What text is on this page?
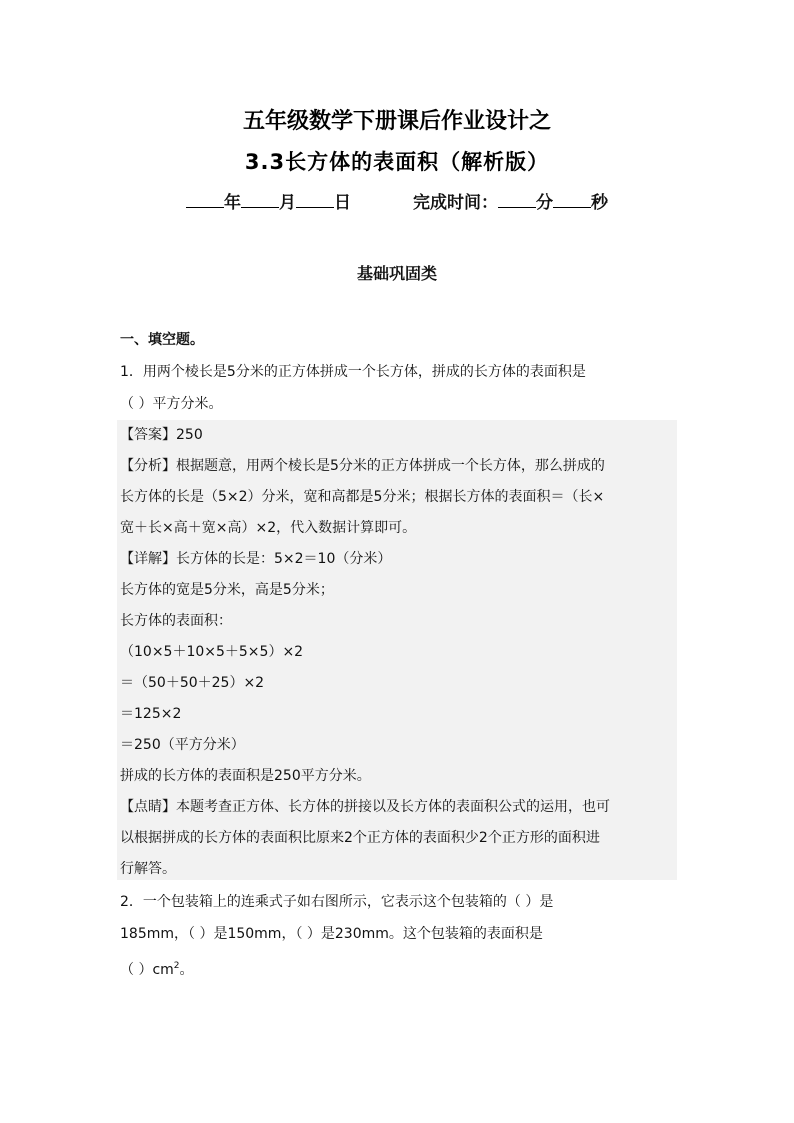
五年级数学下册课后作业设计之
3.3长方体的表面积（解析版）
年 月 日	完成时间： 分 秒
基础巩固类
一、填空题。
1．用两个棱长是5分米的正方体拼成一个长方体，拼成的长方体的表面积是
（ ）平方分米。
【答案】250
【分析】根据题意，用两个棱长是5分米的正方体拼成一个长方体，那么拼成的
长方体的长是（5×2）分米，宽和高都是5分米；根据长方体的表面积＝（长×
宽＋长×高＋宽×高）×2，代入数据计算即可。
【详解】长方体的长是：5×2＝10（分米）
长方体的宽是5分米，高是5分米；
长方体的表面积：
（10×5＋10×5＋5×5）×2
＝（50＋50＋25）×2
＝125×2
＝250（平方分米）
拼成的长方体的表面积是250平方分米。
【点睛】本题考查正方体、长方体的拼接以及长方体的表面积公式的运用，也可
以根据拼成的长方体的表面积比原来2个正方体的表面积少2个正方形的面积进
行解答。
2．一个包装箱上的连乘式子如右图所示，它表示这个包装箱的（ ）是
185mm，（ ）是150mm，（ ）是230mm。这个包装箱的表面积是
（ ）$cm^2$。
